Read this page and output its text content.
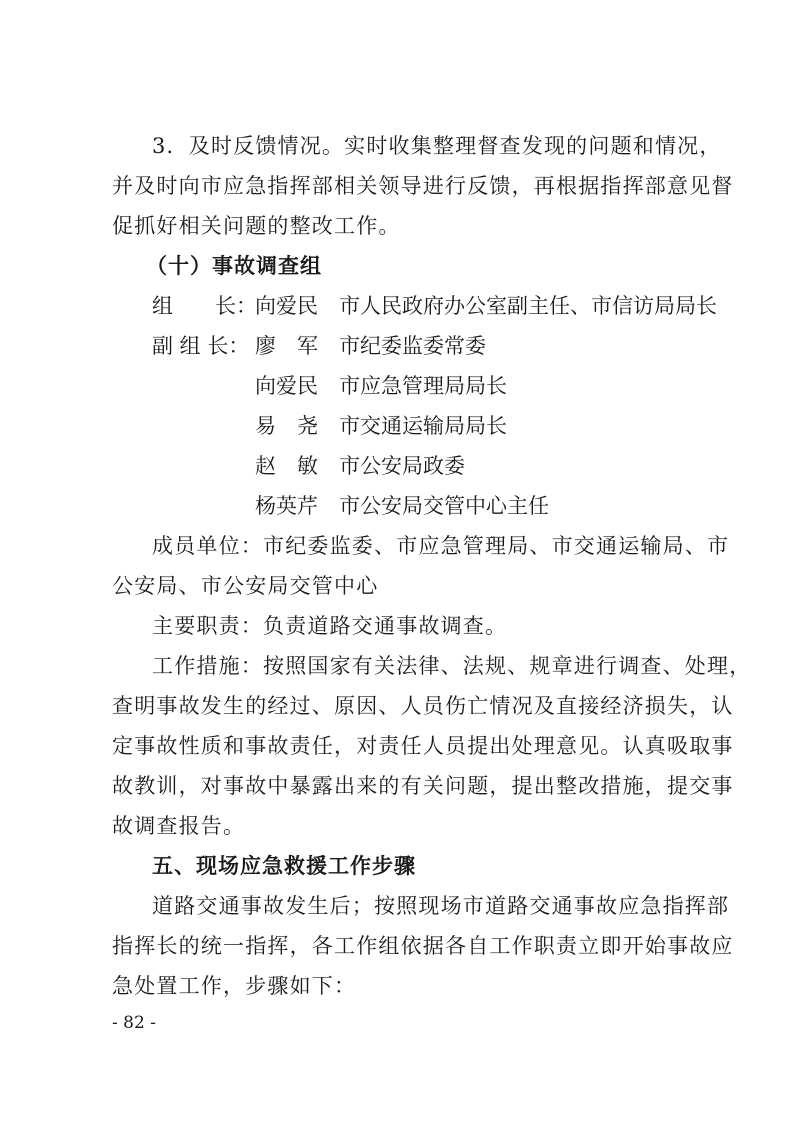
3．及时反馈情况。实时收集整理督查发现的问题和情况，
并及时向市应急指挥部相关领导进行反馈，再根据指挥部意见督
促抓好相关问题的整改工作。
（十）事故调查组
组　　长：
向爱民 市人民政府办公室副主任、市信访局局长
副 组 长： 廖　军 市纪委监委常委
向爱民 市应急管理局局长
易　尧 市交通运输局局长
赵　敏 市公安局政委
杨英芹 市公安局交管中心主任
成员单位：市纪委监委、市应急管理局、市交通运输局、市
公安局、市公安局交管中心
主要职责：负责道路交通事故调查。
工作措施：按照国家有关法律、法规、规章进行调查、处理，
查明事故发生的经过、原因、人员伤亡情况及直接经济损失，认
定事故性质和事故责任，对责任人员提出处理意见。认真吸取事
故教训，对事故中暴露出来的有关问题，提出整改措施，提交事
故调查报告。
五、现场应急救援工作步骤
道路交通事故发生后；按照现场市道路交通事故应急指挥部
指挥长的统一指挥，各工作组依据各自工作职责立即开始事故应
急处置工作，步骤如下：
- 82 -
